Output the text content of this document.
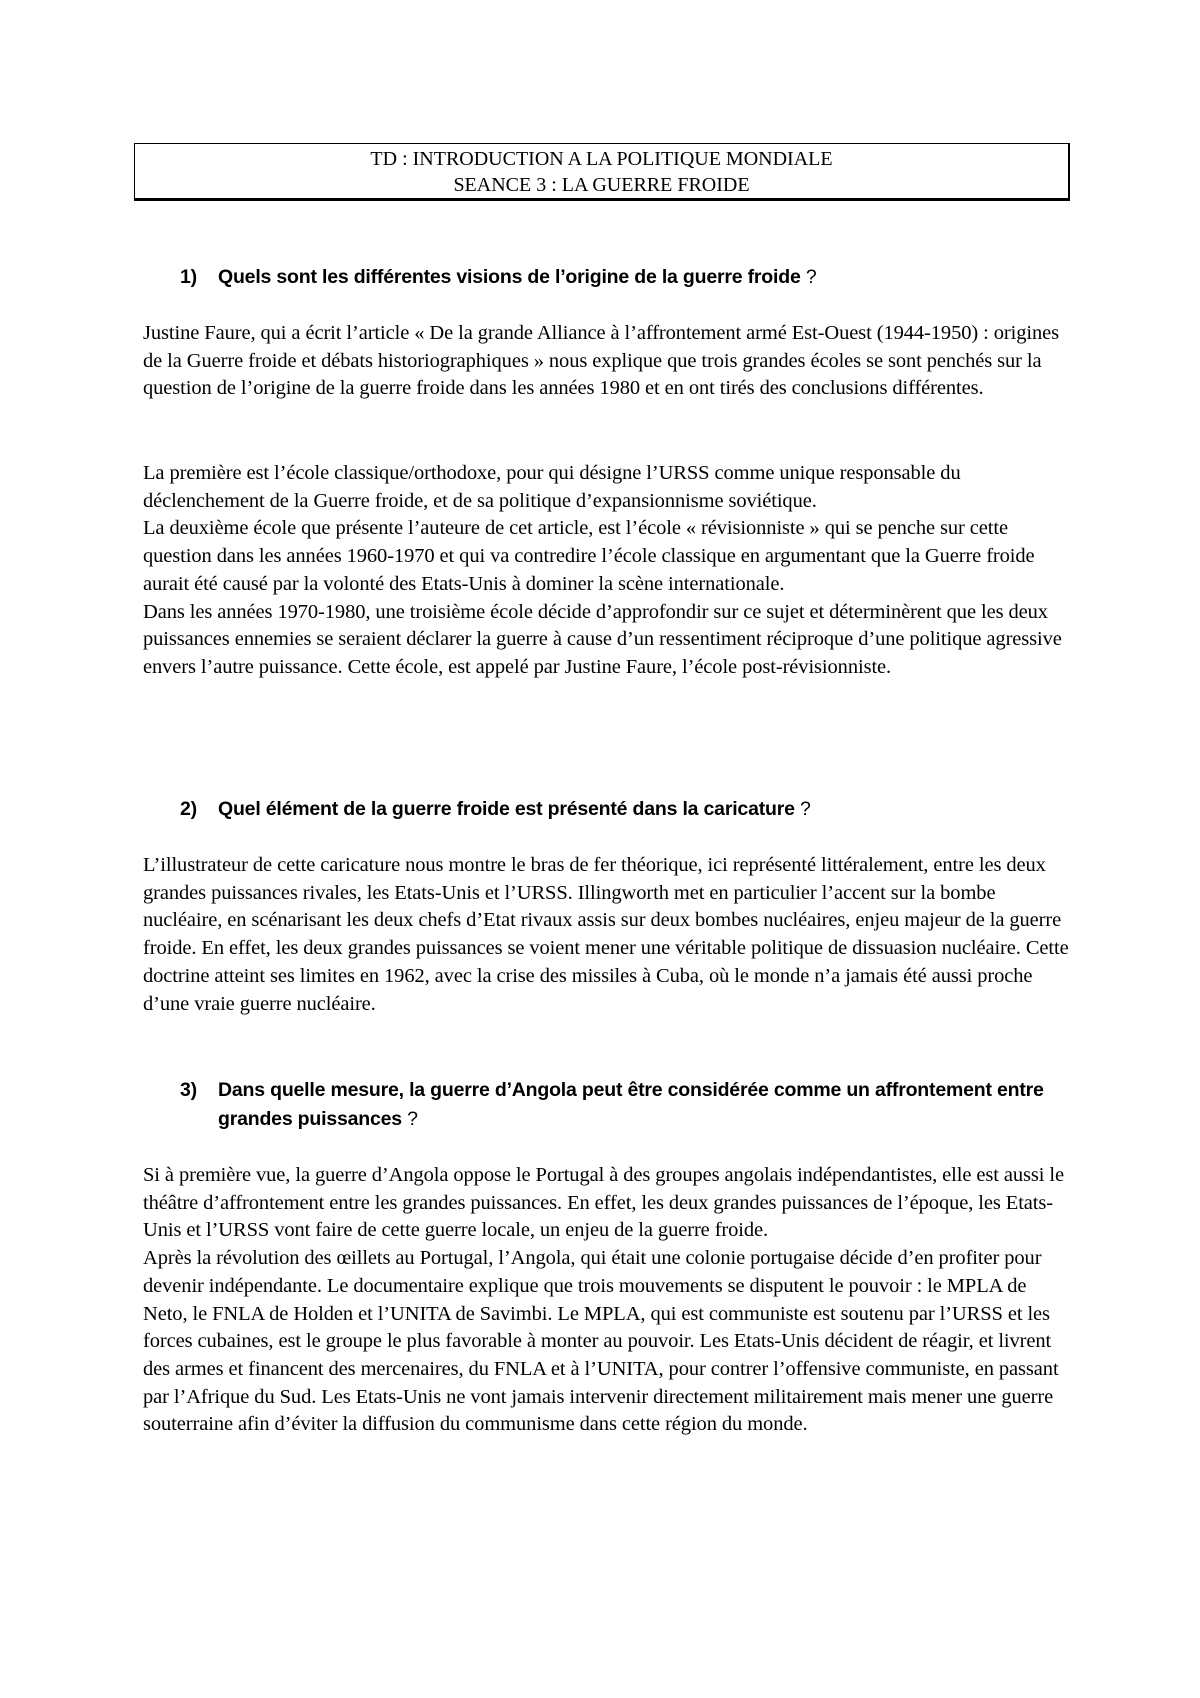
TD : INTRODUCTION A LA POLITIQUE MONDIALE
SEANCE 3 : LA GUERRE FROIDE
1) Quels sont les différentes visions de l’origine de la guerre froide ?

Justine Faure, qui a écrit l’article « De la grande Alliance à l’affrontement armé Est-Ouest (1944-1950) : origines de la Guerre froide et débats historiographiques » nous explique que trois grandes écoles se sont penchés sur la question de l’origine de la guerre froide dans les années 1980 et en ont tirés des conclusions différentes.

La première est l’école classique/orthodoxe, pour qui désigne l’URSS comme unique responsable du déclenchement de la Guerre froide, et de sa politique d’expansionnisme soviétique.

La deuxième école que présente l’auteure de cet article, est l’école « révisionniste » qui se penche sur cette question dans les années 1960-1970 et qui va contredire l’école classique en argumentant que la Guerre froide aurait été causé par la volonté des Etats-Unis à dominer la scène internationale.

Dans les années 1970-1980, une troisième école décide d’approfondir sur ce sujet et déterminèrent que les deux puissances ennemies se seraient déclarer la guerre à cause d’un ressentiment réciproque d’une politique agressive envers l’autre puissance. Cette école, est appelé par Justine Faure, l’école post-révisionniste.

2) Quel élément de la guerre froide est présenté dans la caricature ?

L’illustrateur de cette caricature nous montre le bras de fer théorique, ici représenté littéralement, entre les deux grandes puissances rivales, les Etats-Unis et l’URSS. Illingworth met en particulier l’accent sur la bombe nucléaire, en scénarisant les deux chefs d’Etat rivaux assis sur deux bombes nucléaires, enjeu majeur de la guerre froide. En effet, les deux grandes puissances se voient mener une véritable politique de dissuasion nucléaire. Cette doctrine atteint ses limites en 1962, avec la crise des missiles à Cuba, où le monde n’a jamais été aussi proche d’une vraie guerre nucléaire.

3) Dans quelle mesure, la guerre d’Angola peut être considérée comme un affrontement entre grandes puissances ?

Si à première vue, la guerre d’Angola oppose le Portugal à des groupes angolais indépendantistes, elle est aussi le théâtre d’affrontement entre les grandes puissances. En effet, les deux grandes puissances de l’époque, les Etats-Unis et l’URSS vont faire de cette guerre locale, un enjeu de la guerre froide.

Après la révolution des œillets au Portugal, l’Angola, qui était une colonie portugaise décide d’en profiter pour devenir indépendante. Le documentaire explique que trois mouvements se disputent le pouvoir : le MPLA de Neto, le FNLA de Holden et l’UNITA de Savimbi. Le MPLA, qui est communiste est soutenu par l’URSS et les forces cubaines, est le groupe le plus favorable à monter au pouvoir. Les Etats-Unis décident de réagir, et livrent des armes et financent des mercenaires, du FNLA et à l’UNITA, pour contrer l’offensive communiste, en passant par l’Afrique du Sud. Les Etats-Unis ne vont jamais intervenir directement militairement mais mener une guerre souterraine afin d’éviter la diffusion du communisme dans cette région du monde.
